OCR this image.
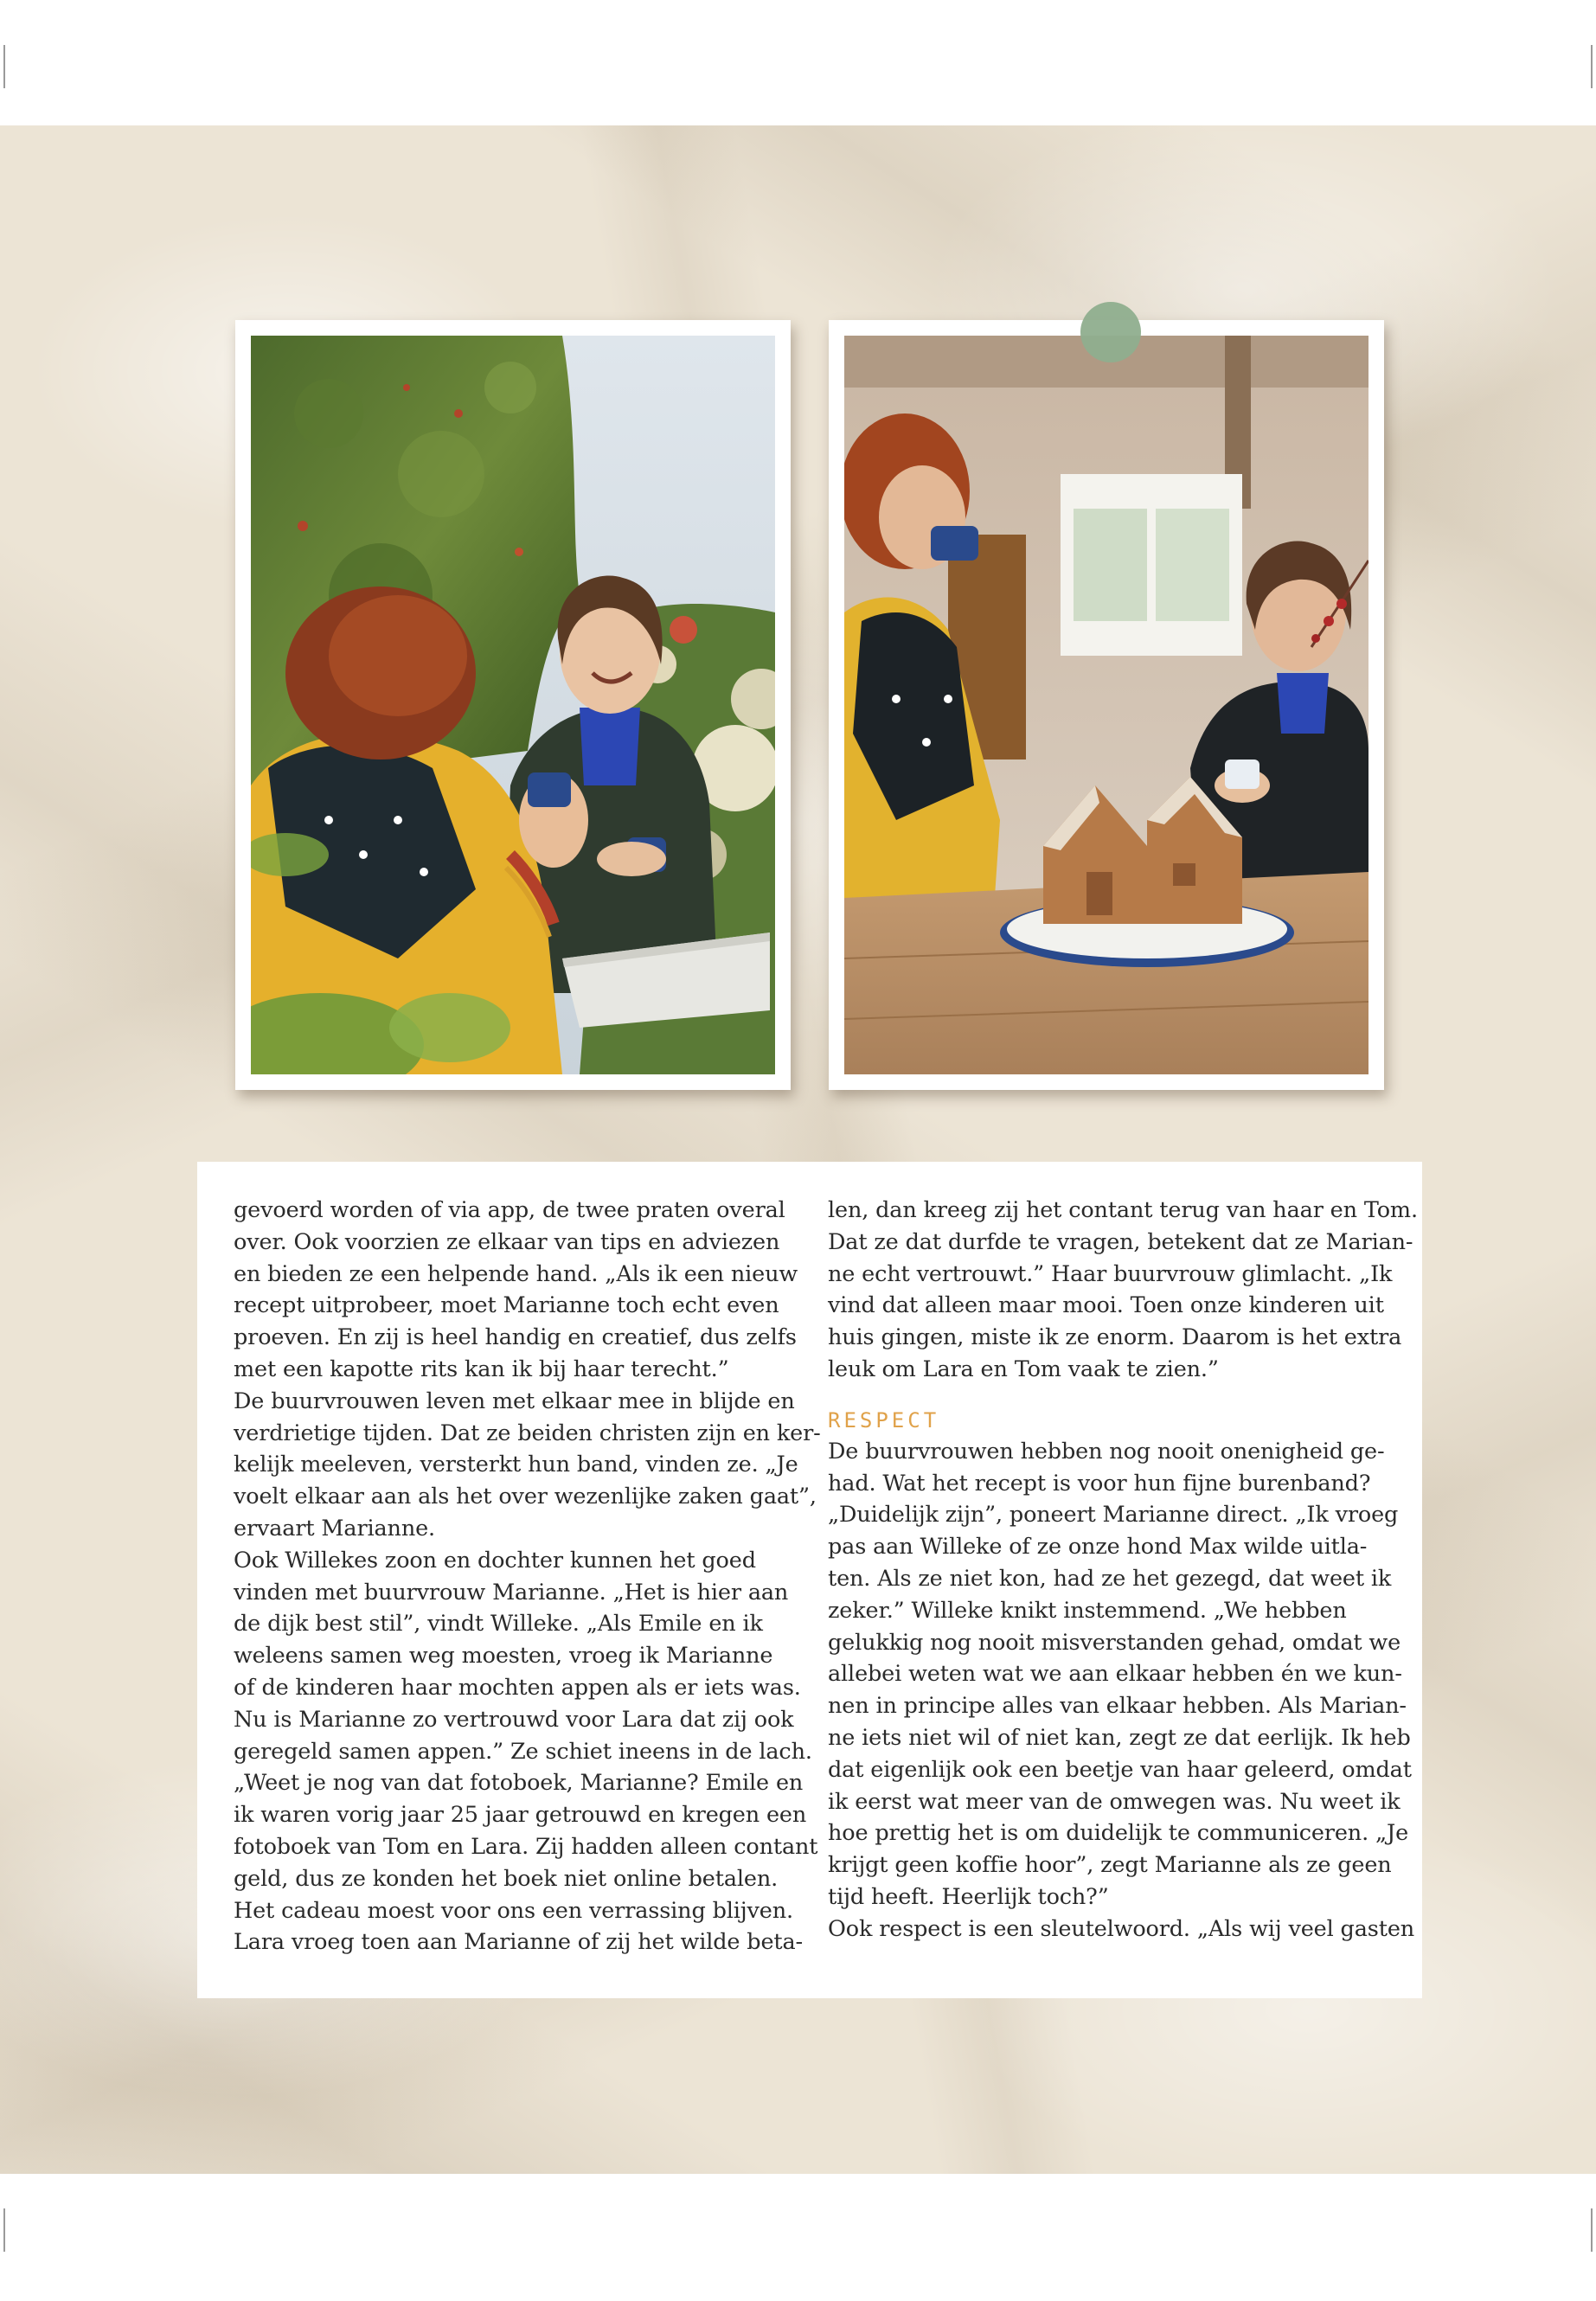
gevoerd worden of via app, de twee praten overal
over. Ook voorzien ze elkaar van tips en adviezen
en bieden ze een helpende hand. „Als ik een nieuw
recept uitprobeer, moet Marianne toch echt even
proeven. En zij is heel handig en creatief, dus zelfs
met een kapotte rits kan ik bij haar terecht.”
De buurvrouwen leven met elkaar mee in blijde en
verdrietige tijden. Dat ze beiden christen zijn en ker-
kelijk meeleven, versterkt hun band, vinden ze. „Je
voelt elkaar aan als het over wezenlijke zaken gaat”,
ervaart Marianne.
Ook Willekes zoon en dochter kunnen het goed
vinden met buurvrouw Marianne. „Het is hier aan
de dijk best stil”, vindt Willeke. „Als Emile en ik
weleens samen weg moesten, vroeg ik Marianne
of de kinderen haar mochten appen als er iets was.
Nu is Marianne zo vertrouwd voor Lara dat zij ook
geregeld samen appen.” Ze schiet ineens in de lach.
„Weet je nog van dat fotoboek, Marianne? Emile en
ik waren vorig jaar 25 jaar getrouwd en kregen een
fotoboek van Tom en Lara. Zij hadden alleen contant
geld, dus ze konden het boek niet online betalen.
Het cadeau moest voor ons een verrassing blijven.
Lara vroeg toen aan Marianne of zij het wilde beta-
len, dan kreeg zij het contant terug van haar en Tom.
Dat ze dat durfde te vragen, betekent dat ze Marian-
ne echt vertrouwt.” Haar buurvrouw glimlacht. „Ik
vind dat alleen maar mooi. Toen onze kinderen uit
huis gingen, miste ik ze enorm. Daarom is het extra
leuk om Lara en Tom vaak te zien.”
RESPECT
De buurvrouwen hebben nog nooit onenigheid ge-
had. Wat het recept is voor hun fijne burenband?
„Duidelijk zijn”, poneert Marianne direct. „Ik vroeg
pas aan Willeke of ze onze hond Max wilde uitla-
ten. Als ze niet kon, had ze het gezegd, dat weet ik
zeker.” Willeke knikt instemmend. „We hebben
gelukkig nog nooit misverstanden gehad, omdat we
allebei weten wat we aan elkaar hebben én we kun-
nen in principe alles van elkaar hebben. Als Marian-
ne iets niet wil of niet kan, zegt ze dat eerlijk. Ik heb
dat eigenlijk ook een beetje van haar geleerd, omdat
ik eerst wat meer van de omwegen was. Nu weet ik
hoe prettig het is om duidelijk te communiceren. „Je
krijgt geen koffie hoor”, zegt Marianne als ze geen
tijd heeft. Heerlijk toch?”
Ook respect is een sleutelwoord. „Als wij veel gasten
